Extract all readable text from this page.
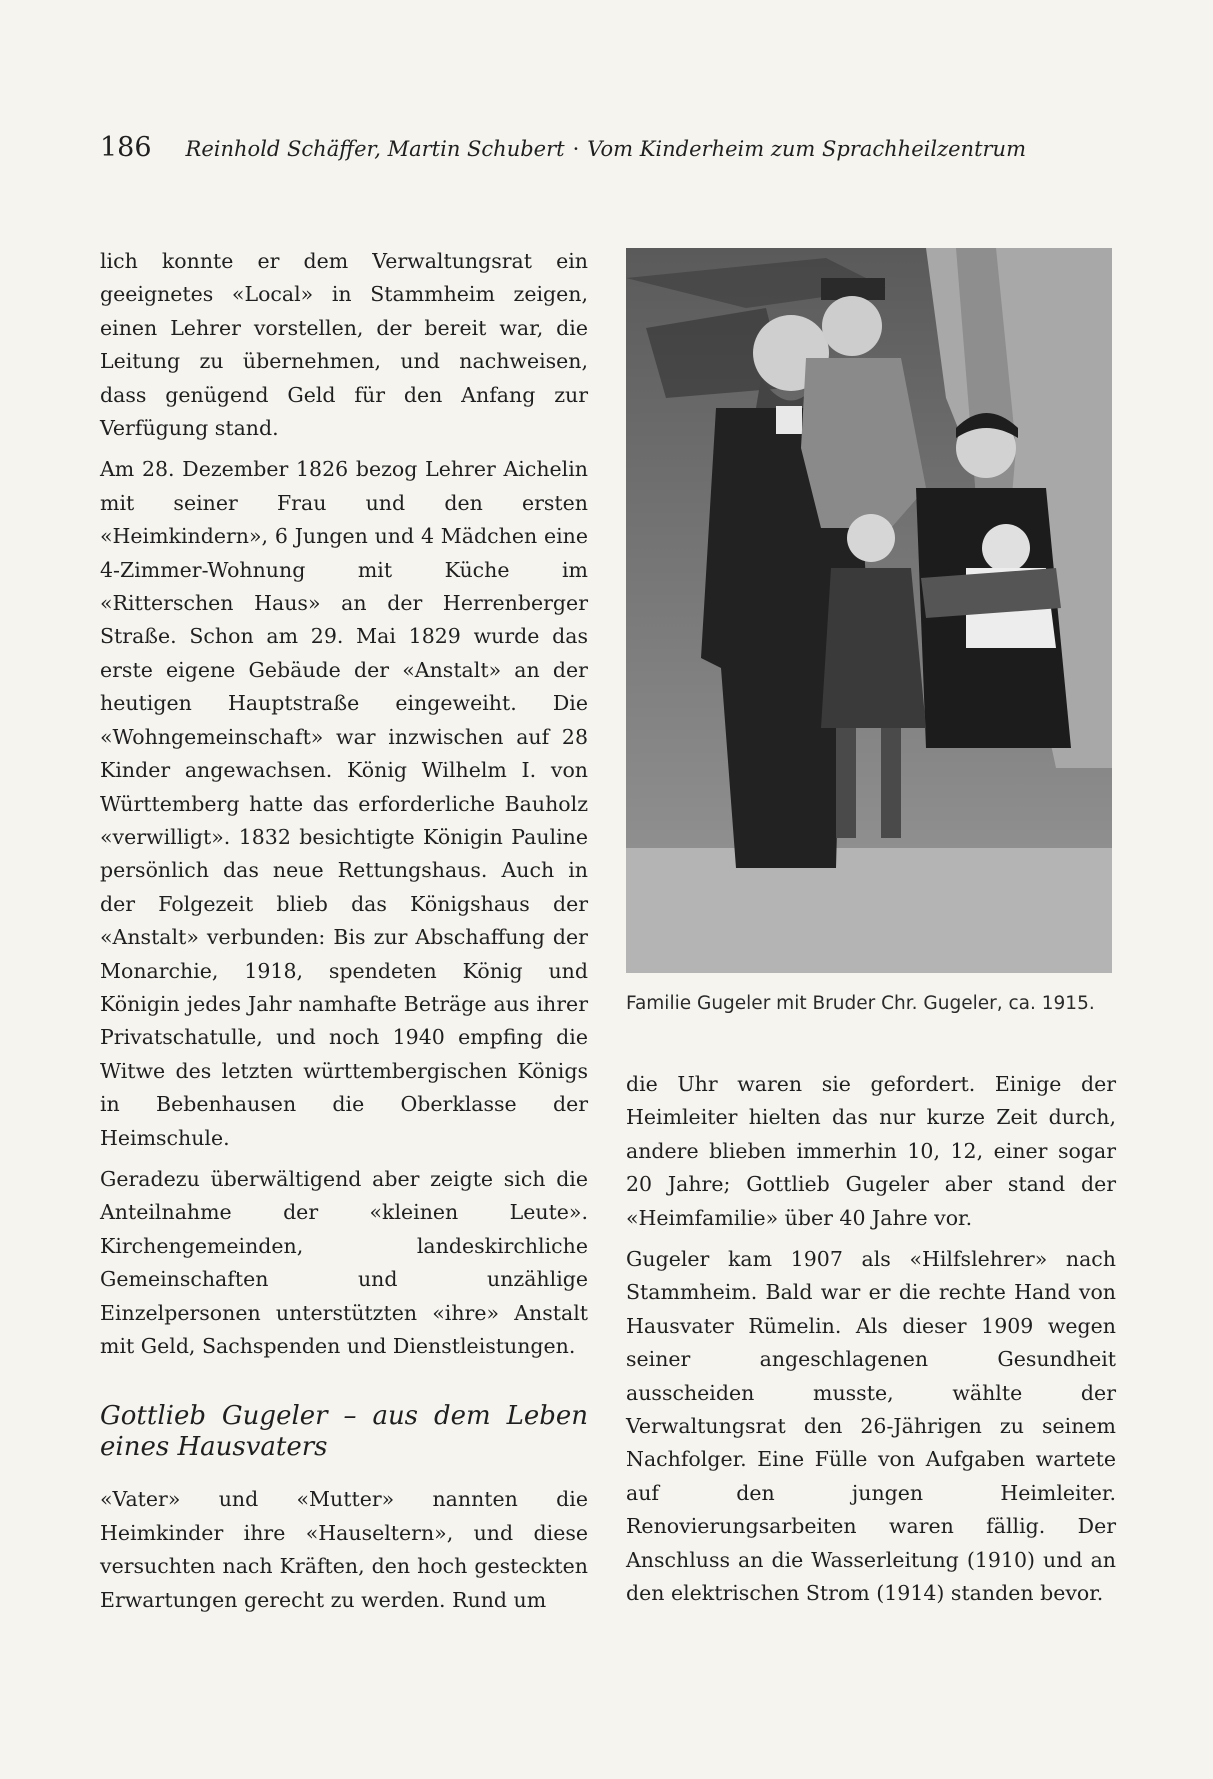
186 Reinhold Schäffer, Martin Schubert · Vom Kinderheim zum Sprachheilzentrum

lich konnte er dem Verwaltungsrat ein geeignetes «Local» in Stammheim zeigen, einen Lehrer vorstellen, der bereit war, die Leitung zu übernehmen, und nachweisen, dass genügend Geld für den Anfang zur Verfügung stand.

Am 28. Dezember 1826 bezog Lehrer Aichelin mit seiner Frau und den ersten «Heimkindern», 6 Jungen und 4 Mädchen eine 4-Zimmer-Wohnung mit Küche im «Ritterschen Haus» an der Herrenberger Straße. Schon am 29. Mai 1829 wurde das erste eigene Gebäude der «Anstalt» an der heutigen Hauptstraße eingeweiht. Die «Wohngemeinschaft» war inzwischen auf 28 Kinder angewachsen. König Wilhelm I. von Württemberg hatte das erforderliche Bauholz «verwilligt». 1832 besichtigte Königin Pauline persönlich das neue Rettungshaus. Auch in der Folgezeit blieb das Königshaus der «Anstalt» verbunden: Bis zur Abschaffung der Monarchie, 1918, spendeten König und Königin jedes Jahr namhafte Beträge aus ihrer Privatschatulle, und noch 1940 empfing die Witwe des letzten württembergischen Königs in Bebenhausen die Oberklasse der Heimschule.

Geradezu überwältigend aber zeigte sich die Anteilnahme der «kleinen Leute». Kirchengemeinden, landeskirchliche Gemeinschaften und unzählige Einzelpersonen unterstützten «ihre» Anstalt mit Geld, Sachspenden und Dienstleistungen.

Gottlieb Gugeler – aus dem Leben eines Hausvaters

«Vater» und «Mutter» nannten die Heimkinder ihre «Hauseltern», und diese versuchten nach Kräften, den hoch gesteckten Erwartungen gerecht zu werden. Rund um

Familie Gugeler mit Bruder Chr. Gugeler, ca. 1915.

die Uhr waren sie gefordert. Einige der Heimleiter hielten das nur kurze Zeit durch, andere blieben immerhin 10, 12, einer sogar 20 Jahre; Gottlieb Gugeler aber stand der «Heimfamilie» über 40 Jahre vor.

Gugeler kam 1907 als «Hilfslehrer» nach Stammheim. Bald war er die rechte Hand von Hausvater Rümelin. Als dieser 1909 wegen seiner angeschlagenen Gesundheit ausscheiden musste, wählte der Verwaltungsrat den 26-Jährigen zu seinem Nachfolger. Eine Fülle von Aufgaben wartete auf den jungen Heimleiter. Renovierungsarbeiten waren fällig. Der Anschluss an die Wasserleitung (1910) und an den elektrischen Strom (1914) standen bevor.
